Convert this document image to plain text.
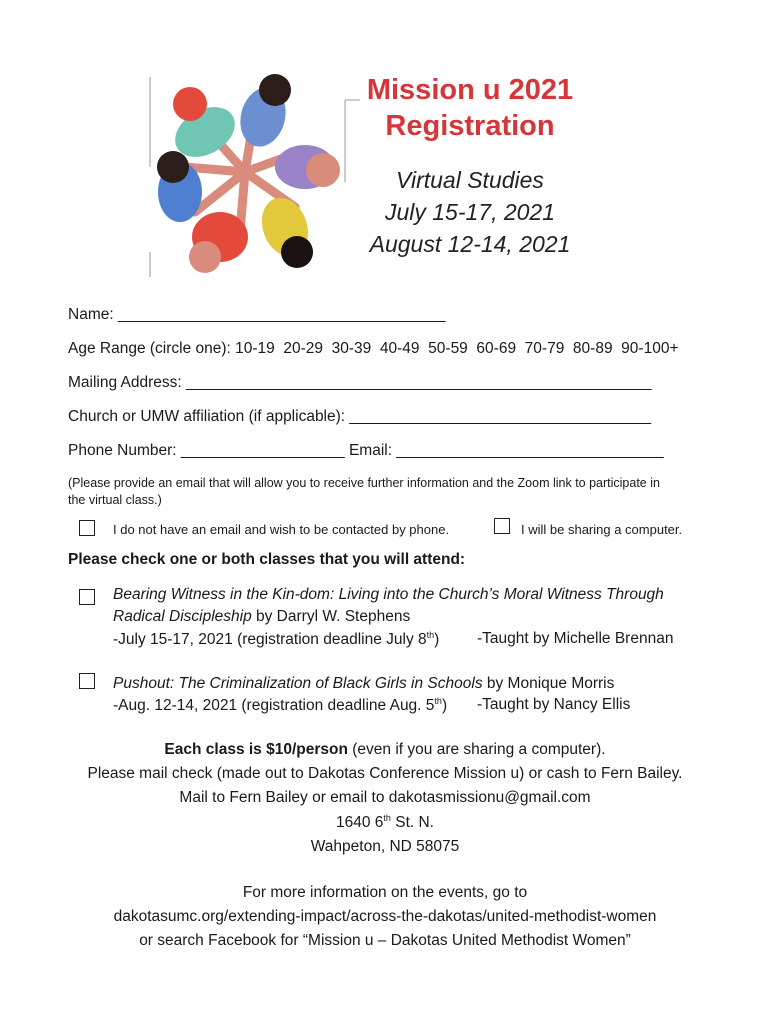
Mission u 2021
Registration
Virtual Studies
July 15-17, 2021
August 12-14, 2021
Name: ______________________________________
Age Range (circle one): 10-19  20-29  30-39  40-49  50-59  60-69  70-79  80-89  90-100+
Mailing Address: ______________________________________________________
Church or UMW affiliation (if applicable): ___________________________________
Phone Number: ___________________ Email: _______________________________
(Please provide an email that will allow you to receive further information and the Zoom link to participate in
the virtual class.)
I do not have an email and wish to be contacted by phone.	I will be sharing a computer.
Please check one or both classes that you will attend:
Bearing Witness in the Kin-dom: Living into the Church’s Moral Witness Through
Radical Discipleship by Darryl W. Stephens
-July 15-17, 2021 (registration deadline July 8th) -Taught by Michelle Brennan
Pushout: The Criminalization of Black Girls in Schools by Monique Morris
-Aug. 12-14, 2021 (registration deadline Aug. 5th) -Taught by Nancy Ellis
Each class is $10/person (even if you are sharing a computer).
Please mail check (made out to Dakotas Conference Mission u) or cash to Fern Bailey.
Mail to Fern Bailey or email to dakotasmissionu@gmail.com
1640 6th St. N.
Wahpeton, ND 58075
For more information on the events, go to
dakotasumc.org/extending-impact/across-the-dakotas/united-methodist-women
or search Facebook for “Mission u – Dakotas United Methodist Women”
